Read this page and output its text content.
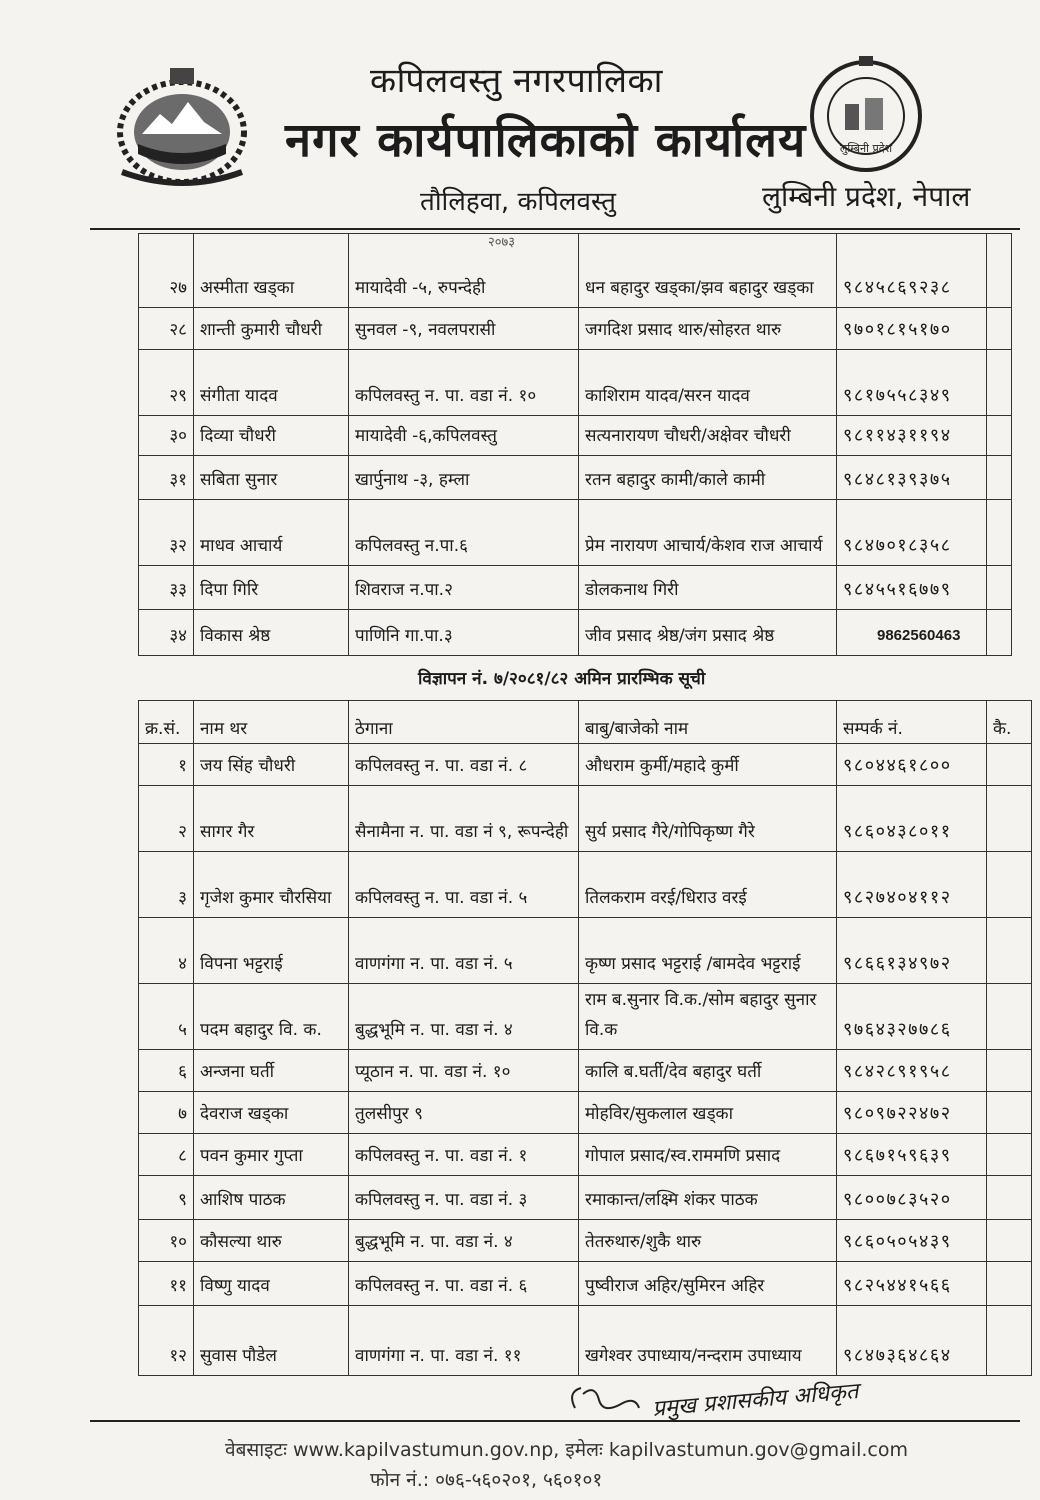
कपिलवस्तु नगरपालिका
नगर कार्यपालिकाको कार्यालय
तौलिहवा, कपिलवस्तु
लुम्बिनी प्रदेश
लुम्बिनी प्रदेश, नेपाल
२०७३
२७	अस्मीता खड्का	मायादेवी -५, रुपन्देही	धन बहादुर खड्का/झव बहादुर खड्का	९८४५८६९२३८	
२८	शान्ती कुमारी चौधरी	सुनवल -९, नवलपरासी	जगदिश प्रसाद थारु/सोहरत थारु	९७०१८१५१७०	
२९	संगीता यादव	कपिलवस्तु न. पा. वडा नं. १०	काशिराम यादव/सरन यादव	९८१७५५८३४९	
३०	दिव्या चौधरी	मायादेवी -६,कपिलवस्तु	सत्यनारायण चौधरी/अक्षेवर चौधरी	९८११४३११९४	
३१	सबिता सुनार	खार्पुनाथ -३, हम्ला	रतन बहादुर कामी/काले कामी	९८४८१३९३७५	
३२	माधव आचार्य	कपिलवस्तु न.पा.६	प्रेम नारायण आचार्य/केशव राज आचार्य	९८४७०१८३५८	
३३	दिपा गिरि	शिवराज न.पा.२	डोलकनाथ गिरी	९८४५५१६७७९	
३४	विकास श्रेष्ठ	पाणिनि गा.पा.३	जीव प्रसाद श्रेष्ठ/जंग प्रसाद श्रेष्ठ	9862560463	
विज्ञापन नं. ७/२०८१/८२ अमिन प्रारम्भिक सूची
क्र.सं.	नाम थर	ठेगाना	बाबु/बाजेको नाम	सम्पर्क नं.	कै.
१	जय सिंह चौधरी	कपिलवस्तु न. पा. वडा नं. ८	औधराम कुर्मी/महादे कुर्मी	९८०४४६१८००	
२	सागर गैर	सैनामैना न. पा. वडा नं ९, रूपन्देही	सुर्य प्रसाद गैरे/गोपिकृष्ण गैरे	९८६०४३८०११	
३	गृजेश कुमार चौरसिया	कपिलवस्तु न. पा. वडा नं. ५	तिलकराम वरई/धिराउ वरई	९८२७४०४११२	
४	विपना भट्टराई	वाणगंगा न. पा. वडा नं. ५	कृष्ण प्रसाद भट्टराई /बामदेव भट्टराई	९८६६१३४९७२	
५	पदम बहादुर वि. क.	बुद्धभूमि न. पा. वडा नं. ४	राम ब.सुनार वि.क./सोम बहादुर सुनार वि.क	९७६४३२७७८६	
६	अन्जना घर्ती	प्यूठान न. पा. वडा नं. १०	कालि ब.घर्ती/देव बहादुर घर्ती	९८४२८९१९५८	
७	देवराज खड्का	तुलसीपुर ९	मोहविर/सुकलाल खड्का	९८०९७२२४७२	
८	पवन कुमार गुप्ता	कपिलवस्तु न. पा. वडा नं. १	गोपाल प्रसाद/स्व.राममणि प्रसाद	९८६७१५९६३९	
९	आशिष पाठक	कपिलवस्तु न. पा. वडा नं. ३	रमाकान्त/लक्ष्मि शंकर पाठक	९८००७८३५२०	
१०	कौसल्या थारु	बुद्धभूमि न. पा. वडा नं. ४	तेतरुथारु/शुकै थारु	९८६०५०५४३९	
११	विष्णु यादव	कपिलवस्तु न. पा. वडा नं. ६	पुष्वीराज अहिर/सुमिरन अहिर	९८२५४४१५६६	
१२	सुवास पौडेल	वाणगंगा न. पा. वडा नं. ११	खगेश्वर उपाध्याय/नन्दराम उपाध्याय	९८४७३६४८६४	
प्रमुख प्रशासकीय अधिकृत
वेबसाइटः www.kapilvastumun.gov.np, इमेलः kapilvastumun.gov@gmail.com
फोन नं.: ०७६-५६०२०१, ५६०१०१
